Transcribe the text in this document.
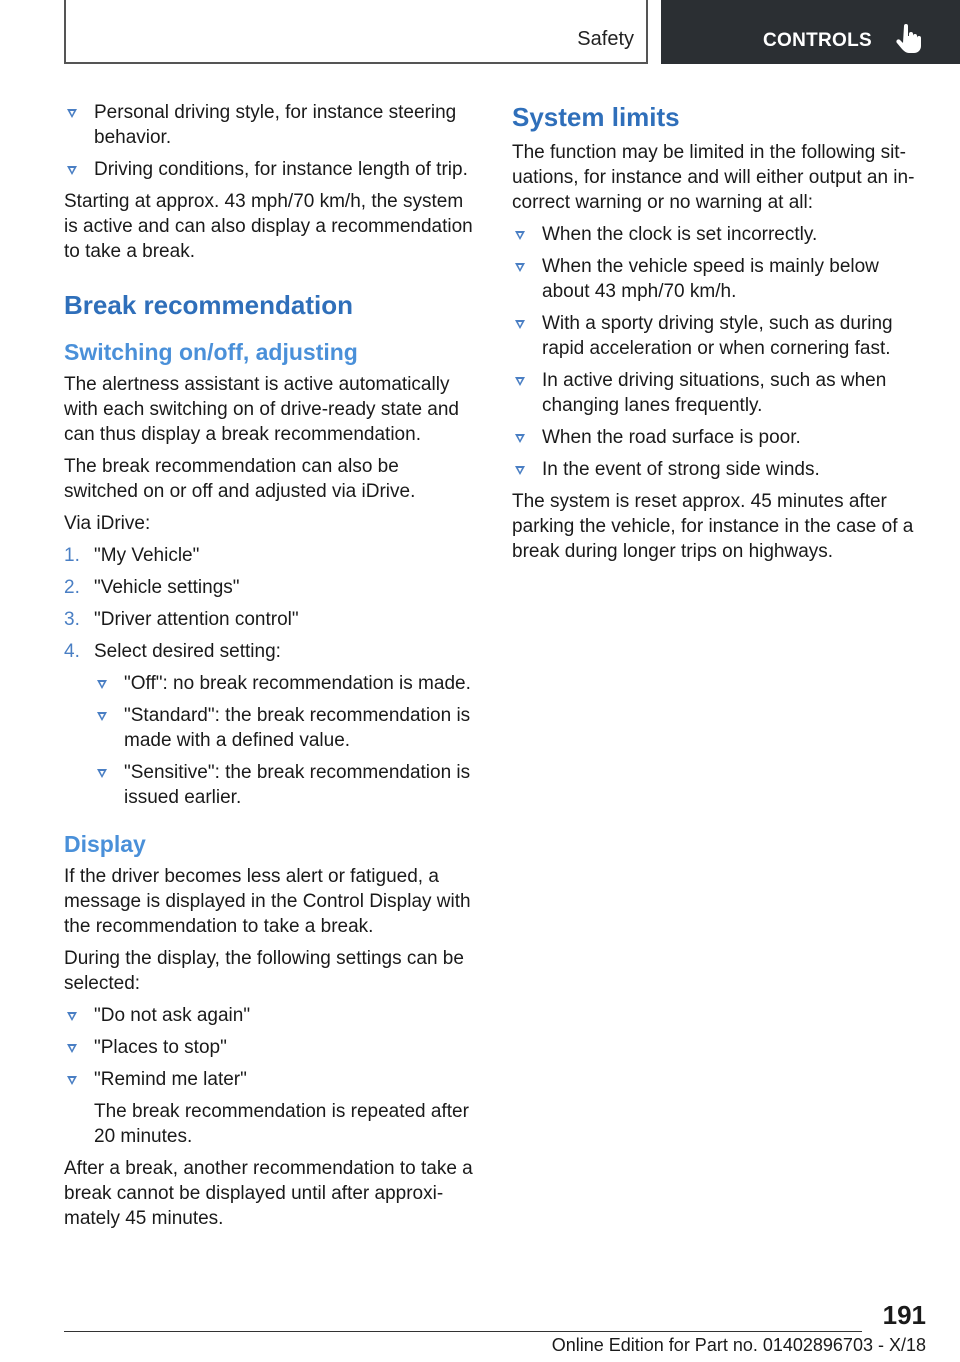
Safety	CONTROLS
Personal driving style, for instance steering behavior.
Driving conditions, for instance length of trip.

Starting at approx. 43 mph/70 km/h, the system is active and can also display a recommendation to take a break.

Break recommendation
Switching on/off, adjusting

The alertness assistant is active automatically with each switching on of drive-ready state and can thus display a break recommendation.

The break recommendation can also be switched on or off and adjusted via iDrive.

Via iDrive:

1. "My Vehicle"
2. "Vehicle settings"
3. "Driver attention control"
4. Select desired setting:
"Off": no break recommendation is made.
"Standard": the break recommendation is made with a defined value.
"Sensitive": the break recommendation is issued earlier.
Display

If the driver becomes less alert or fatigued, a message is displayed in the Control Display with the recommendation to take a break.

During the display, the following settings can be selected:

"Do not ask again"
"Places to stop"
"Remind me later"
The break recommendation is repeated after 20 minutes.

After a break, another recommendation to take a break cannot be displayed until after approximately 45 minutes.

System limits

The function may be limited in the following situations, for instance and will either output an incorrect warning or no warning at all:

When the clock is set incorrectly.
When the vehicle speed is mainly below about 43 mph/70 km/h.
With a sporty driving style, such as during rapid acceleration or when cornering fast.
In active driving situations, such as when changing lanes frequently.
When the road surface is poor.
In the event of strong side winds.

The system is reset approx. 45 minutes after parking the vehicle, for instance in the case of a break during longer trips on highways.

191
Online Edition for Part no. 01402896703 - X/18
